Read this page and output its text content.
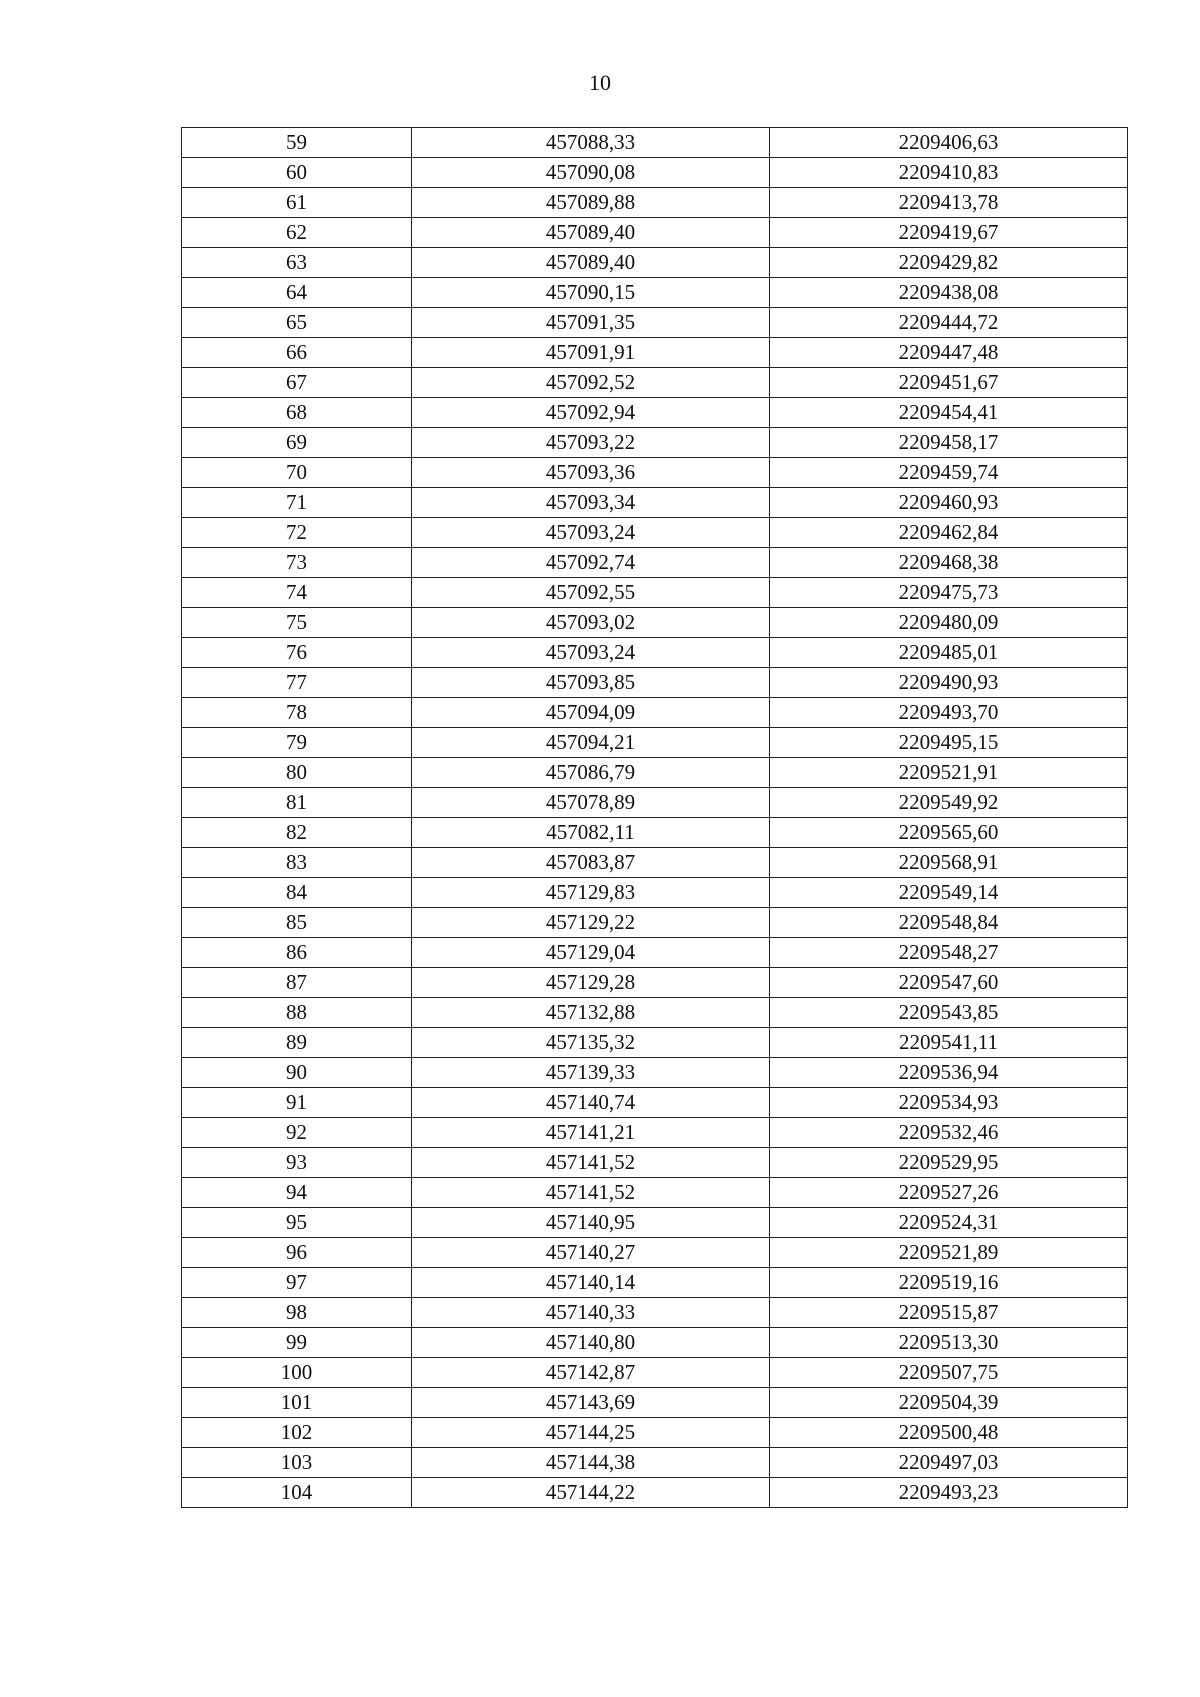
10
59	457088,33	2209406,63
60	457090,08	2209410,83
61	457089,88	2209413,78
62	457089,40	2209419,67
63	457089,40	2209429,82
64	457090,15	2209438,08
65	457091,35	2209444,72
66	457091,91	2209447,48
67	457092,52	2209451,67
68	457092,94	2209454,41
69	457093,22	2209458,17
70	457093,36	2209459,74
71	457093,34	2209460,93
72	457093,24	2209462,84
73	457092,74	2209468,38
74	457092,55	2209475,73
75	457093,02	2209480,09
76	457093,24	2209485,01
77	457093,85	2209490,93
78	457094,09	2209493,70
79	457094,21	2209495,15
80	457086,79	2209521,91
81	457078,89	2209549,92
82	457082,11	2209565,60
83	457083,87	2209568,91
84	457129,83	2209549,14
85	457129,22	2209548,84
86	457129,04	2209548,27
87	457129,28	2209547,60
88	457132,88	2209543,85
89	457135,32	2209541,11
90	457139,33	2209536,94
91	457140,74	2209534,93
92	457141,21	2209532,46
93	457141,52	2209529,95
94	457141,52	2209527,26
95	457140,95	2209524,31
96	457140,27	2209521,89
97	457140,14	2209519,16
98	457140,33	2209515,87
99	457140,80	2209513,30
100	457142,87	2209507,75
101	457143,69	2209504,39
102	457144,25	2209500,48
103	457144,38	2209497,03
104	457144,22	2209493,23
